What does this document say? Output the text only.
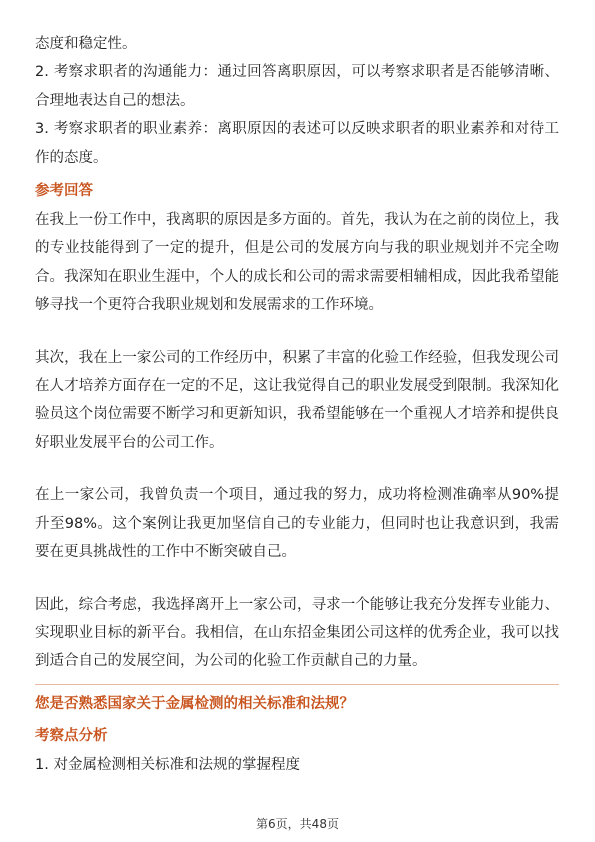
态度和稳定性。

2. 考察求职者的沟通能力：通过回答离职原因，可以考察求职者是否能够清晰、合理地表达自己的想法。

3. 考察求职者的职业素养：离职原因的表述可以反映求职者的职业素养和对待工作的态度。

参考回答

在我上一份工作中，我离职的原因是多方面的。首先，我认为在之前的岗位上，我的专业技能得到了一定的提升，但是公司的发展方向与我的职业规划并不完全吻合。我深知在职业生涯中，个人的成长和公司的需求需要相辅相成，因此我希望能够寻找一个更符合我职业规划和发展需求的工作环境。

其次，我在上一家公司的工作经历中，积累了丰富的化验工作经验，但我发现公司在人才培养方面存在一定的不足，这让我觉得自己的职业发展受到限制。我深知化验员这个岗位需要不断学习和更新知识，我希望能够在一个重视人才培养和提供良好职业发展平台的公司工作。

在上一家公司，我曾负责一个项目，通过我的努力，成功将检测准确率从90%提升至98%。这个案例让我更加坚信自己的专业能力，但同时也让我意识到，我需要在更具挑战性的工作中不断突破自己。

因此，综合考虑，我选择离开上一家公司，寻求一个能够让我充分发挥专业能力、实现职业目标的新平台。我相信，在山东招金集团公司这样的优秀企业，我可以找到适合自己的发展空间，为公司的化验工作贡献自己的力量。

您是否熟悉国家关于金属检测的相关标准和法规？
考察点分析

1. 对金属检测相关标准和法规的掌握程度

第6页，共48页
